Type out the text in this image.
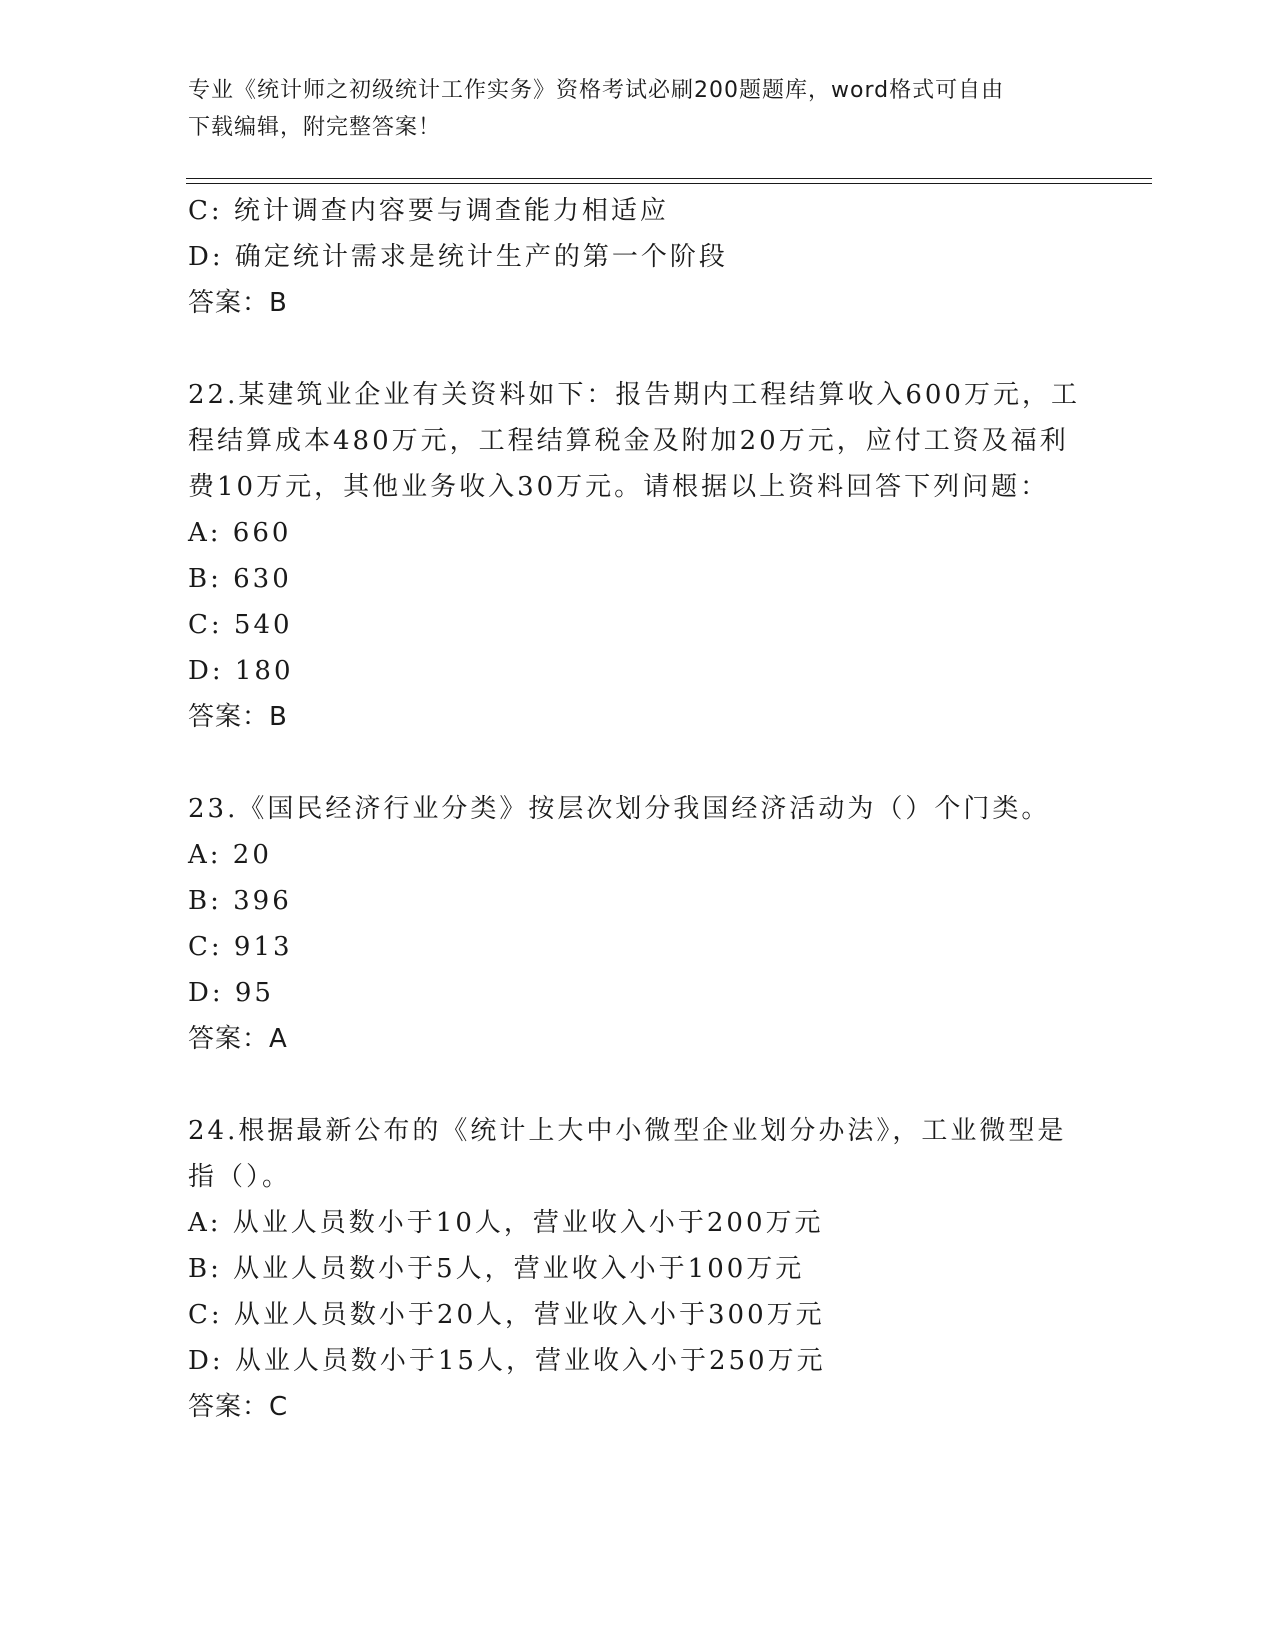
专业《统计师之初级统计工作实务》资格考试必刷200题题库，word格式可自由
下载编辑，附完整答案！
C: 统计调查内容要与调查能力相适应
D: 确定统计需求是统计生产的第一个阶段
答案：B
22.某建筑业企业有关资料如下：报告期内工程结算收入600万元，工
程结算成本480万元，工程结算税金及附加20万元，应付工资及福利
费10万元，其他业务收入30万元。请根据以上资料回答下列问题：
A: 660
B: 630
C: 540
D: 180
答案：B
23.《国民经济行业分类》按层次划分我国经济活动为（）个门类。
A: 20
B: 396
C: 913
D: 95
答案：A
24.根据最新公布的《统计上大中小微型企业划分办法》，工业微型是
指（）。
A: 从业人员数小于10人，营业收入小于200万元
B: 从业人员数小于5人，营业收入小于100万元
C: 从业人员数小于20人，营业收入小于300万元
D: 从业人员数小于15人，营业收入小于250万元
答案：C
